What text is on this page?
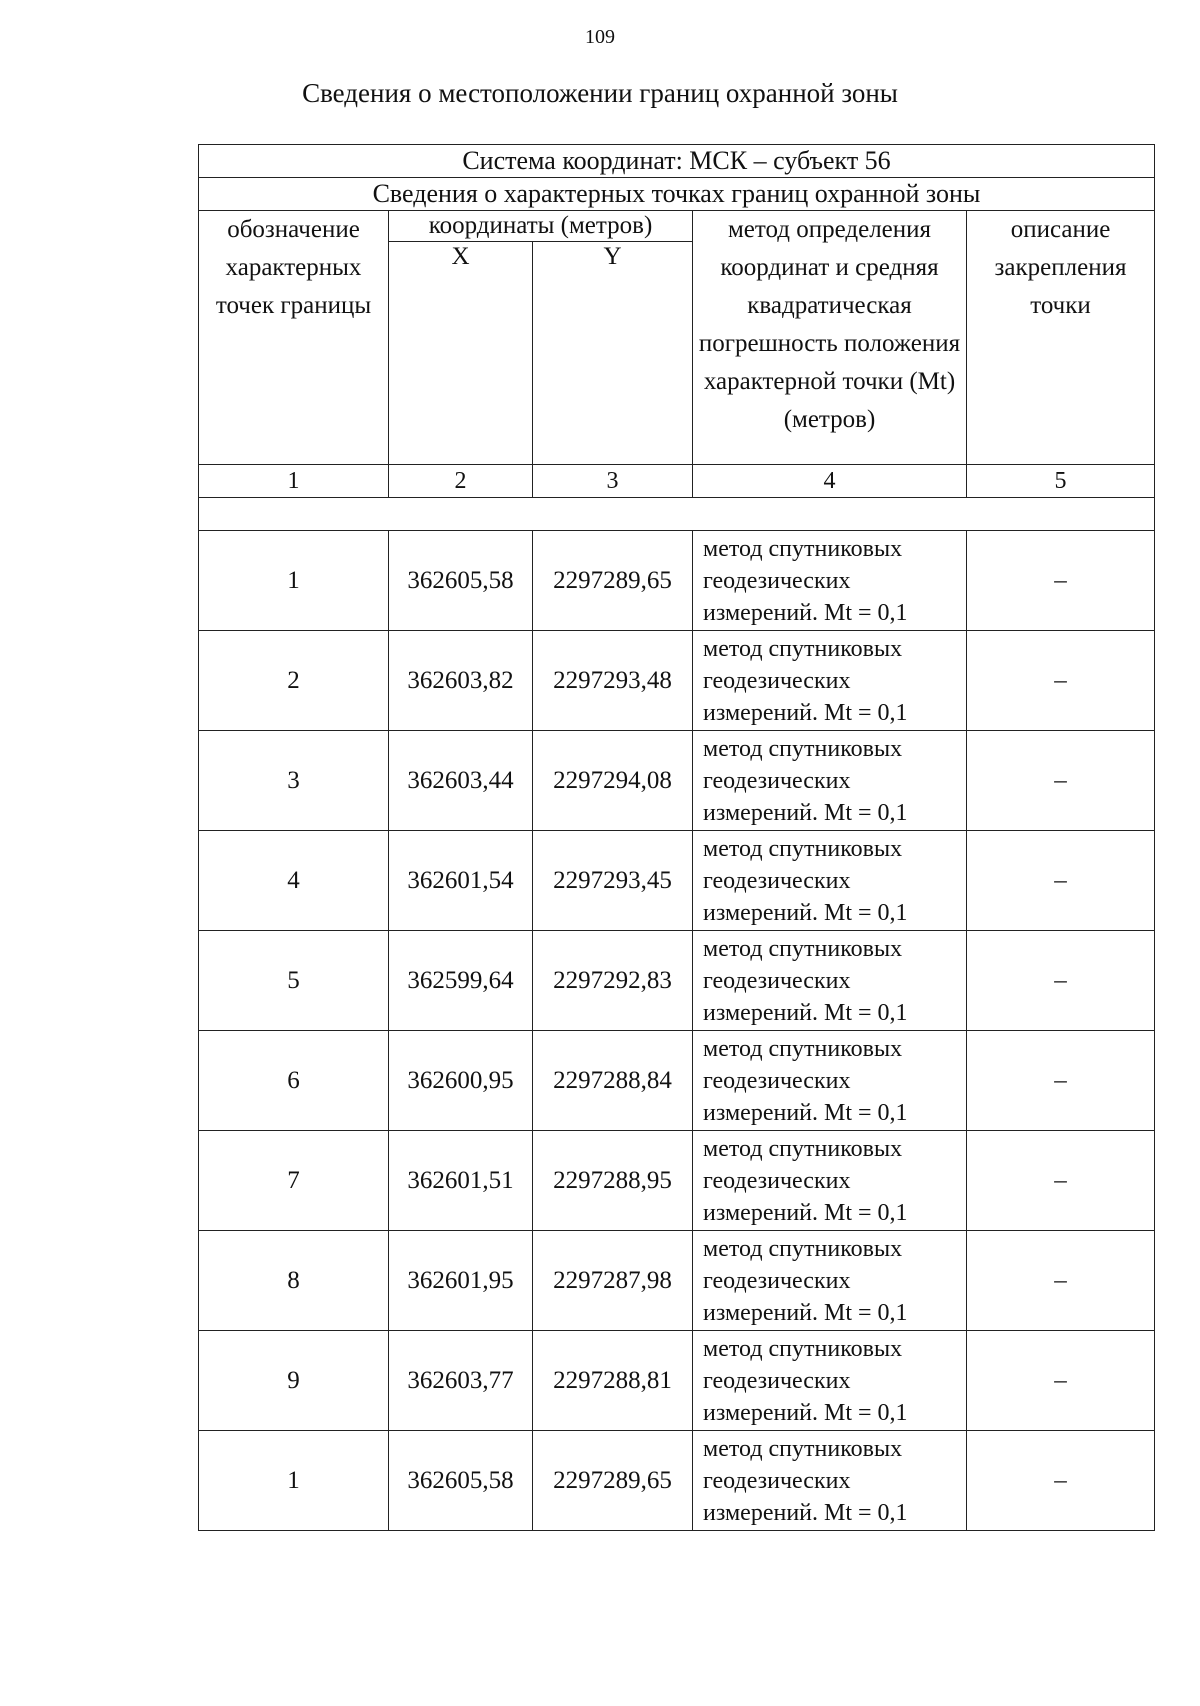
109
Сведения о местоположении границ охранной зоны
Система координат: МСК – субъект 56				
Сведения о характерных точках границ охранной зоны				
обозначение характерных точек границы	координаты (метров)		метод определения координат и средняя квадратическая погрешность положения характерной точки (Mt) (метров)	описание закрепления точки
	X	Y		
1	2	3	4	5

1	362605,58	2297289,65	метод спутниковых
геодезических
измерений. Mt = 0,1	–
2	362603,82	2297293,48	метод спутниковых
геодезических
измерений. Mt = 0,1	–
3	362603,44	2297294,08	метод спутниковых
геодезических
измерений. Mt = 0,1	–
4	362601,54	2297293,45	метод спутниковых
геодезических
измерений. Mt = 0,1	–
5	362599,64	2297292,83	метод спутниковых
геодезических
измерений. Mt = 0,1	–
6	362600,95	2297288,84	метод спутниковых
геодезических
измерений. Mt = 0,1	–
7	362601,51	2297288,95	метод спутниковых
геодезических
измерений. Mt = 0,1	–
8	362601,95	2297287,98	метод спутниковых
геодезических
измерений. Mt = 0,1	–
9	362603,77	2297288,81	метод спутниковых
геодезических
измерений. Mt = 0,1	–
1	362605,58	2297289,65	метод спутниковых
геодезических
измерений. Mt = 0,1	–
